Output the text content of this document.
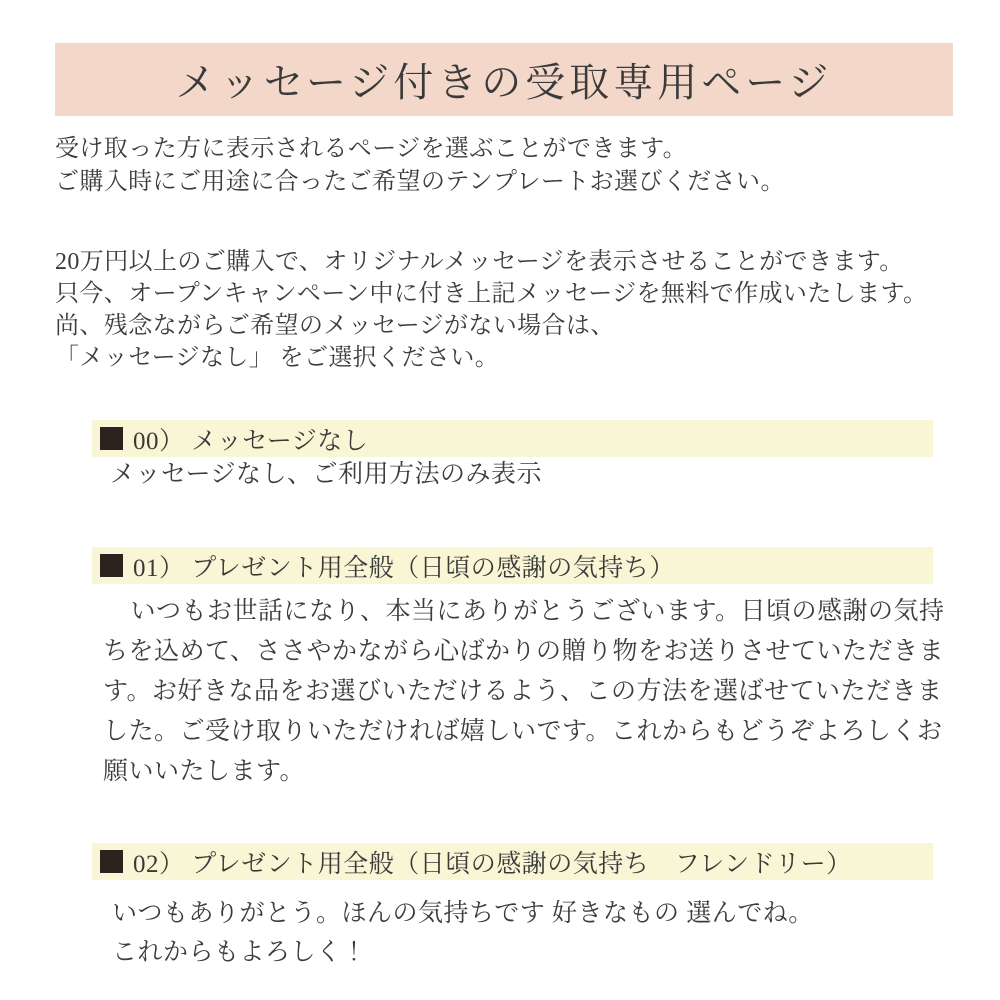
メッセージ付きの受取専用ページ
受け取った方に表示されるページを選ぶことができます。
ご購入時にご用途に合ったご希望のテンプレートお選びください。
20万円以上のご購入で、オリジナルメッセージを表示させることができます。
只今、オープンキャンペーン中に付き上記メッセージを無料で作成いたします。
尚、残念ながらご希望のメッセージがない場合は、
「メッセージなし」 をご選択ください。
00） メッセージなし
メッセージなし、ご利用方法のみ表示
01） プレゼント用全般（日頃の感謝の気持ち）
いつもお世話になり、本当にありがとうございます。日頃の感謝の気持
ちを込めて、ささやかながら心ばかりの贈り物をお送りさせていただきま
す。お好きな品をお選びいただけるよう、この方法を選ばせていただきま
した。ご受け取りいただければ嬉しいです。これからもどうぞよろしくお
願いいたします。
02） プレゼント用全般（日頃の感謝の気持ち　フレンドリー）
いつもありがとう。ほんの気持ちです 好きなもの 選んでね。
これからもよろしく！
